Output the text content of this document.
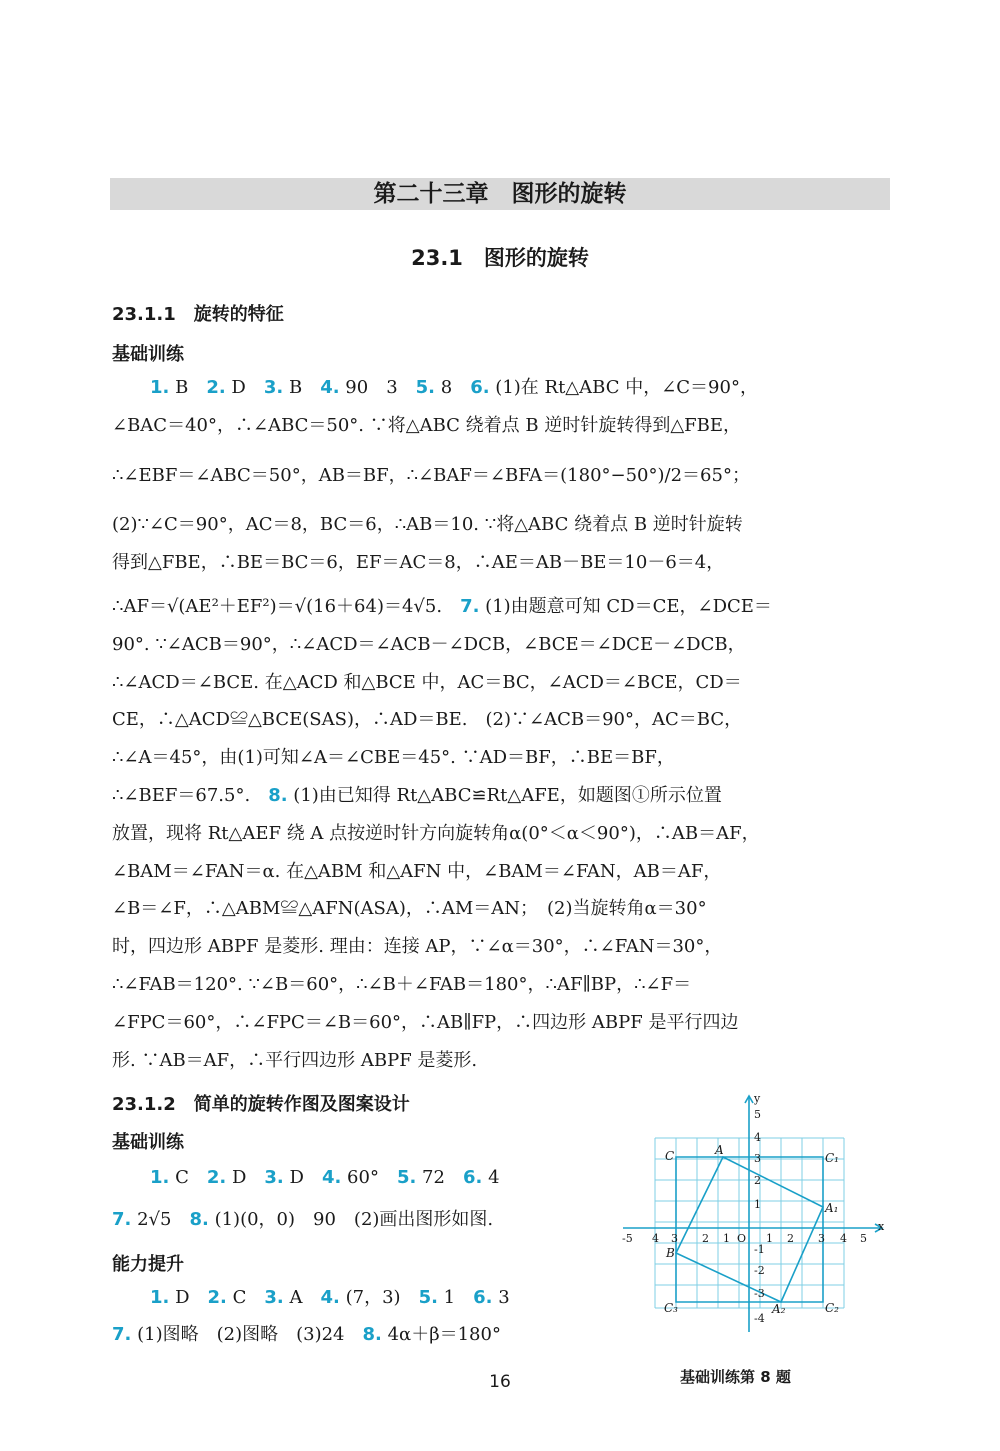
第二十三章　图形的旋转
23.1　图形的旋转
23.1.1　旋转的特征
基础训练
1. B　2. D　3. B　4. 90　3　5. 8　6. (1)在 Rt△ABC 中，∠C＝90°，
∠BAC＝40°，∴∠ABC＝50°. ∵将△ABC 绕着点 B 逆时针旋转得到△FBE，
∴∠EBF＝∠ABC＝50°，AB＝BF，∴∠BAF＝∠BFA＝(180°−50°)/2＝65°；
(2)∵∠C＝90°，AC＝8，BC＝6，∴AB＝10. ∵将△ABC 绕着点 B 逆时针旋转
得到△FBE，∴BE＝BC＝6，EF＝AC＝8，∴AE＝AB－BE＝10－6＝4，
∴AF＝√(AE²＋EF²)＝√(16＋64)＝4√5.　7. (1)由题意可知 CD＝CE，∠DCE＝
90°. ∵∠ACB＝90°，∴∠ACD＝∠ACB－∠DCB，∠BCE＝∠DCE－∠DCB，
∴∠ACD＝∠BCE. 在△ACD 和△BCE 中，AC＝BC，∠ACD＝∠BCE，CD＝
CE，∴△ACD≌△BCE(SAS)，∴AD＝BE.　(2)∵∠ACB＝90°，AC＝BC，
∴∠A＝45°，由(1)可知∠A＝∠CBE＝45°. ∵AD＝BF，∴BE＝BF，
∴∠BEF＝67.5°.　8. (1)由已知得 Rt△ABC≌Rt△AFE，如题图①所示位置
放置，现将 Rt△AEF 绕 A 点按逆时针方向旋转角α(0°＜α＜90°)，∴AB＝AF，
∠BAM＝∠FAN＝α. 在△ABM 和△AFN 中，∠BAM＝∠FAN，AB＝AF，
∠B＝∠F，∴△ABM≌△AFN(ASA)，∴AM＝AN；　(2)当旋转角α＝30°
时，四边形 ABPF 是菱形. 理由：连接 AP，∵∠α＝30°，∴∠FAN＝30°，
∴∠FAB＝120°. ∵∠B＝60°，∴∠B＋∠FAB＝180°，∴AF∥BP，∴∠F＝
∠FPC＝60°，∴∠FPC＝∠B＝60°，∴AB∥FP，∴四边形 ABPF 是平行四边
形. ∵AB＝AF，∴平行四边形 ABPF 是菱形.
23.1.2　简单的旋转作图及图案设计
基础训练
1. C　2. D　3. D　4. 60°　5. 72　6. 4
7. 2√5　8. (1)(0，0)　90　(2)画出图形如图.
能力提升
1. D　2. C　3. A　4. (7，3)　5. 1　6. 3
7. (1)图略　(2)图略　(3)24　8. 4α＋β＝180°
-5 4 3 2 1 O 1 2 3 4 5
x
y
5
4
3
2
1
-1
-2
-3
-4
C	A
C₁
A₁
B
C₃	A₂	C₂
基础训练第 8 题
16
